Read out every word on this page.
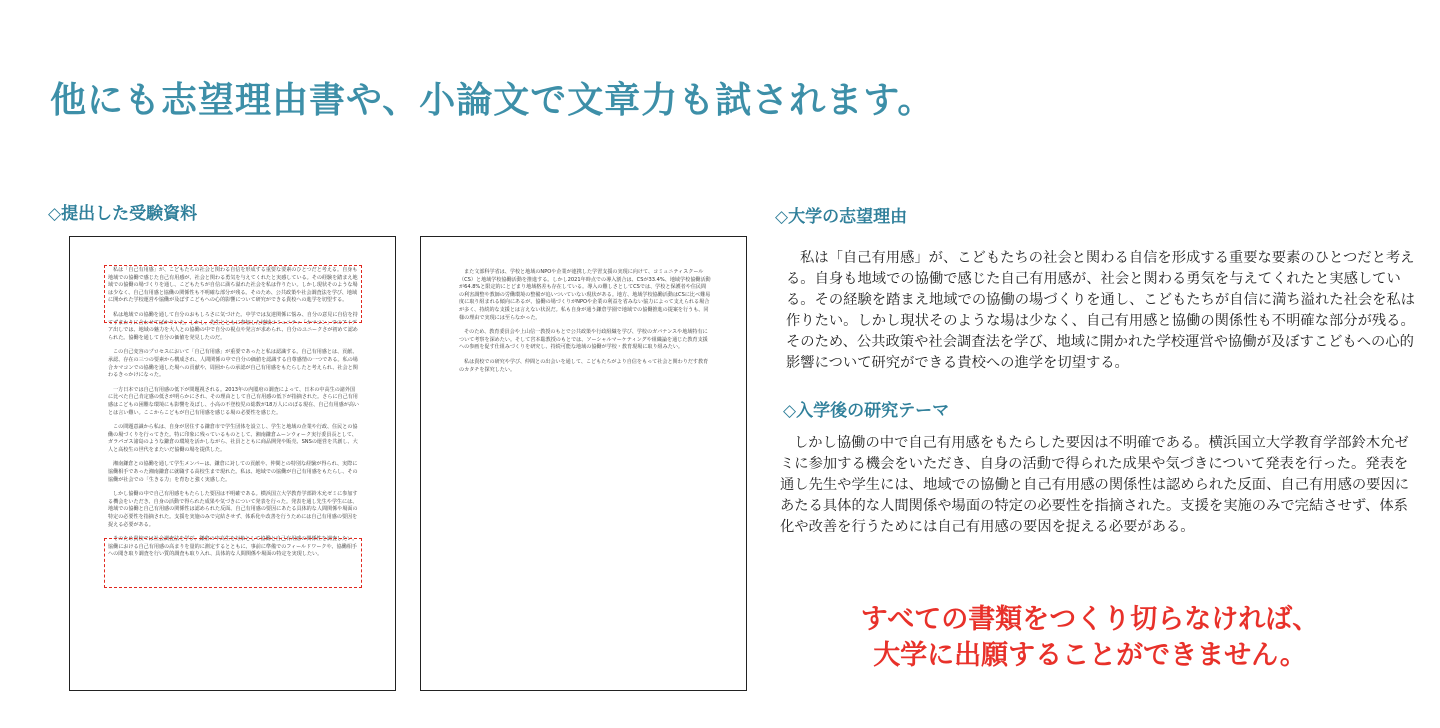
他にも志望理由書や、小論文で文章力も試されます。
◇提出した受験資料

私は「自己有用感」が、こどもたちの社会と関わる自信を形成する重要な要素のひとつだと考える。自身も地域での協働で感じた自己有用感が、社会と関わる勇気を与えてくれたと実感している。その経験を踏まえ地域での協働の場づくりを通し、こどもたちが自信に満ち溢れた社会を私は作りたい。しかし現状そのような場は少なく、自己有用感と協働の関係性も不明確な部分が残る。そのため、公共政策や社会調査法を学び、地域に開かれた学校運営や協働が及ぼすこどもへの心的影響について研究ができる貴校への進学を切望する。

私は地域での協働を通して自分のおもしろさに気づけた。中学では友達関係に悩み、自分の意見に自信を持てずまわりに合わせてばかりいた。しかし、先生とともに参加した地域コミュニティ「カマコン」でのアイデア出しでは、地域の魅力を大人との協働の中で自分の視点や発言が求められ、自分のユニークさが初めて認められた。協働を通して自分の価値を発見したのだ。

この自己変容のプロセスにおいて「自己有用感」が重要であったと私は認識する。自己有用感とは、貢献、承認、存在の三つの要素から構成され、人間関係の中で自分の価値を認識する自尊感情の一つである。私の場合カマコンでの協働を通した場への貢献や、周囲からの承認が自己有用感をもたらしたと考えられ、社会と関わるきっかけになった。

一方日本では自己有用感の低下が問題視される。2013年の内閣府の調査によって、日本の中高生の諸外国に比べた自己肯定感の低さが明らかにされ、その理由として自己有用感の低下が指摘された。さらに自己有用感はこどもの困難な環境にも影響を及ぼし、小高の不登校児の総数が18万人にのぼる現在、自己有用感が高いとは言い難い。ここからこどもが自己有用感を感じる場の必要性を感じた。

この問題意識から私は、自身が居住する鎌倉市で学生団体を設立し、学生と地域の企業や行政、住民との協働の場づくりを行ってきた。特に印象に残っているものとして、湘南鎌倉ムーンウォーク実行委員長として、ガラパゴス諸島のような鎌倉の環境を活かしながら、社員とともに商品開発や販売、SNSの運営を共創し、大人と高校生の世代をまたいだ協働の場を提供した。

湘南鎌倉との協働を通して学生メンバーは、鎌倉に対しての貢献や、仲間との特別な経験が得られ、実際に協働相手であった湘南鎌倉に就職する高校生まで現れた。私は、地域での協働が自己有用感をもたらし、その協働が社会での「生きる力」を育むと強く実感した。

しかし協働の中で自己有用感をもたらした要因は不明確である。横浜国立大学教育学部鈴木允ゼミに参加する機会をいただき、自身の活動で得られた成果や気づきについて発表を行った。発表を通し先生や学生には、地域での協働と自己有用感の関係性は認められた反面、自己有用感の要因にあたる具体的な人間関係や場面の特定の必要性を指摘された。支援を実施のみで完結させず、体系化や改善を行うためには自己有用感の要因を捉える必要がある。

そのため貴校では社会調査法を学び、鎌倉の中高生を対象として協働と自己有用感の関係性を調査したい。協働における自己有用感の高まりを量的に測定するとともに、事前に準備でのフィールドワークや、協働相手への聞き取り調査を行い質的調査も取り入れ、具体的な人間関係や場面の特定を実現したい。

また文部科学省は、学校と地域のNPOや企業が連携した学習支援の実現に向けて、コミュニティスクール（CS）と地域学校協働活動を推進する。しかし2021年時点での導入割合は、CSが33.4%、地域学校協働活動が64.8%と限定的にとどまり地域格差も存在している。導入の難しさとしてCSでは、学校と保護者や住民間の利害調整や教師の労働環境の整備が追いついていない現状がある。地方、地域学校協働活動はCSに比べ難易度に取り組まれる傾向にあるが、協働の場づくりがNPOや企業の利益を省みない協力によって支えられる場合が多く、持続的な支援とは言えない状況だ。私も自身が通う鎌倉学園で地域での協働推進の提案を行うも、同様の理由で実現には至らなかった。

そのため、教育委員会や上山信一教授のもとで公共政策や行政組織を学び、学校のガバナンスや地域特有について考察を深めたい。そして宮本聡教授のもとでは、ソーシャルマーケティングや組織論を通じた教育支援への参画を促す仕組みづくりを研究し、持続可能な地域の協働が学校・教育現場に取り組みたい。

私は貴校での研究や学び、仲間との出会いを通して、こどもたちがより自信をもって社会と関わりだす教育のカタチを探究したい。

◇大学の志望理由
私は「自己有用感」が、こどもたちの社会と関わる自信を形成する重要な要素のひとつだと考える。自身も地域での協働で感じた自己有用感が、社会と関わる勇気を与えてくれたと実感している。その経験を踏まえ地域での協働の場づくりを通し、こどもたちが自信に満ち溢れた社会を私は作りたい。しかし現状そのような場は少なく、自己有用感と協働の関係性も不明確な部分が残る。そのため、公共政策や社会調査法を学び、地域に開かれた学校運営や協働が及ぼすこどもへの心的影響について研究ができる貴校への進学を切望する。
◇入学後の研究テーマ
しかし協働の中で自己有用感をもたらした要因は不明確である。横浜国立大学教育学部鈴木允ゼミに参加する機会をいただき、自身の活動で得られた成果や気づきについて発表を行った。発表を通し先生や学生には、地域での協働と自己有用感の関係性は認められた反面、自己有用感の要因にあたる具体的な人間関係や場面の特定の必要性を指摘された。支援を実施のみで完結させず、体系化や改善を行うためには自己有用感の要因を捉える必要がある。
すべての書類をつくり切らなければ、
大学に出願することができません。
